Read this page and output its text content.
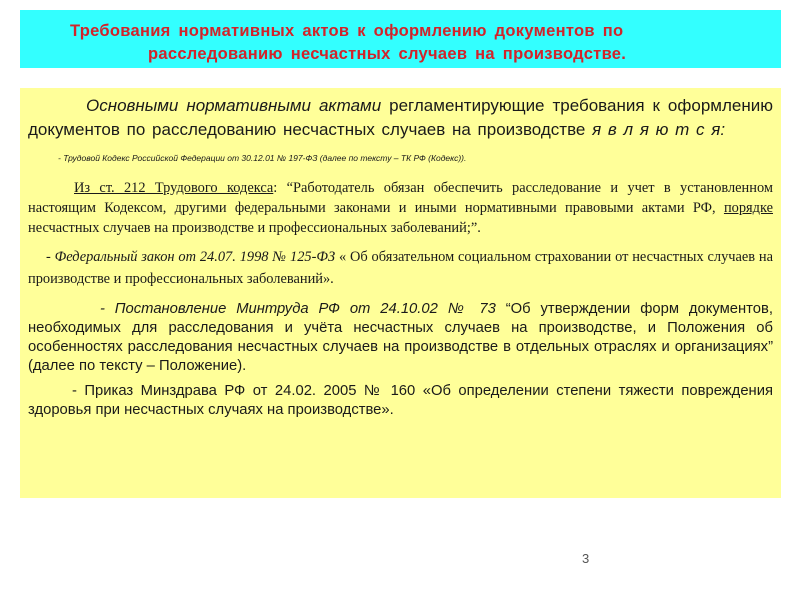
Требования нормативных актов к оформлению документов по
расследованию несчастных случаев на производстве.

Основными нормативными актами регламентирующие требования к оформлению документов по расследованию несчастных случаев на производстве я в л я ю т с я:

- Трудовой Кодекс Российской Федерации от 30.12.01 № 197-ФЗ (далее по тексту – ТК РФ (Кодекс)).

Из ст. 212 Трудового кодекса: “Работодатель обязан обеспечить расследование и учет в установленном настоящим Кодексом, другими федеральными законами и иными нормативными правовыми актами РФ, порядке несчастных случаев на производстве и профессиональных заболеваний;”.

- Федеральный закон от 24.07. 1998 № 125-ФЗ « Об обязательном социальном страховании от несчастных случаев на производстве и профессиональных заболеваний».

- Постановление Минтруда РФ от 24.10.02 № 73 “Об утверждении форм документов, необходимых для расследования и учёта несчастных случаев на производстве, и Положения об особенностях расследования несчастных случаев на производстве в отдельных отраслях и организациях” (далее по тексту – Положение).

- Приказ Минздрава РФ от 24.02. 2005 № 160 «Об определении степени тяжести повреждения здоровья при несчастных случаях на производстве».

3
